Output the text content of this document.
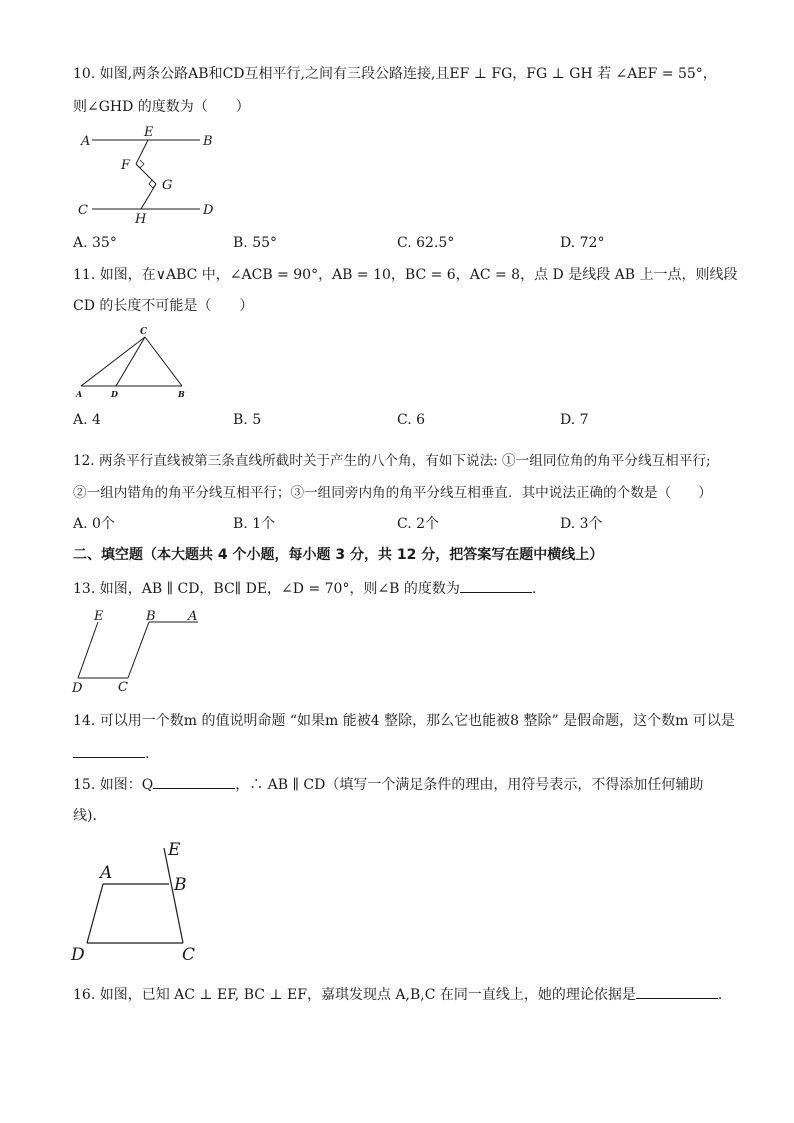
10. 如图,两条公路AB和CD互相平行,之间有三段公路连接,且EF ⊥ FG，FG ⊥ GH 若 ∠AEF = 55°，
则∠GHD 的度数为（　　）
A
E
B
F
G
C
H
D
A. 35°	B. 55°	C. 62.5°	D. 72°
11. 如图，在∨ABC 中，∠ACB = 90°，AB = 10，BC = 6，AC = 8，点 D 是线段 AB 上一点，则线段
CD 的长度不可能是（　　）
C
A	D	B
A. 4	B. 5	C. 6	D. 7
12. 两条平行直线被第三条直线所截时关于产生的八个角，有如下说法: ①一组同位角的角平分线互相平行;
②一组内错角的角平分线互相平行；③一组同旁内角的角平分线互相垂直．其中说法正确的个数是（　　）
A. 0个	B. 1个	C. 2个	D. 3个
二、填空题（本大题共 4 个小题，每小题 3 分，共 12 分，把答案写在题中横线上）
13. 如图，AB ∥ CD，BC∥ DE，∠D = 70°，则∠B 的度数为	.
E	B A
D	C
14. 可以用一个数m 的值说明命题 “如果m 能被4 整除，那么它也能被8 整除” 是假命题，这个数m 可以是
.
15. 如图：Q	，∴ AB ∥ CD（填写一个满足条件的理由，用符号表示，不得添加任何辅助
线)．
E
A
B
D	C
16. 如图，已知 AC ⊥ EF, BC ⊥ EF，嘉琪发现点 A,B,C 在同一直线上，她的理论依据是	.
